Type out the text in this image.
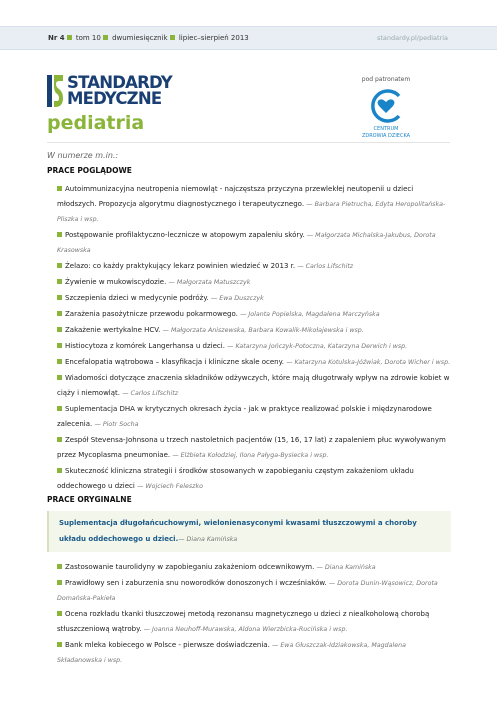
Nr 4 tom 10 dwumiesięcznik lipiec–sierpień 2013	standardy.pl/pediatria
STANDARDY
MEDYCZNE
pediatria
pod patronatem
CENTRUM
ZDROWIA DZIECKA
W numerze m.in.:
PRACE POGLĄDOWE
Autoimmunizacyjna neutropenia niemowląt - najczęstsza przyczyna przewlekłej neutopenii u dzieci młodszych. Propozycja algorytmu diagnostycznego i terapeutycznego. — Barbara Pietrucha, Edyta Heropolitańska-Pliszka i wsp.
Postępowanie profilaktyczno-lecznicze w atopowym zapaleniu skóry. — Małgorzata Michalska-Jakubus, Dorota Krasowska
Żelazo: co każdy praktykujący lekarz powinien wiedzieć w 2013 r. — Carlos Lifschitz
Żywienie w mukowiscydozie. — Małgorzata Matuszczyk
Szczepienia dzieci w medycynie podróży. — Ewa Duszczyk
Zarażenia pasożytnicze przewodu pokarmowego. — Jolanta Popielska, Magdalena Marczyńska
Zakażenie wertykalne HCV. — Małgorzata Aniszewska, Barbara Kowalik-Mikołajewska i wsp.
Histiocytoza z komórek Langerhansa u dzieci. — Katarzyna Jończyk-Potoczna, Katarzyna Derwich i wsp.
Encefalopatia wątrobowa – klasyfikacja i kliniczne skale oceny. — Katarzyna Kotulska-Jóźwiak, Dorota Wicher i wsp.
Wiadomości dotyczące znaczenia składników odżywczych, które mają długotrwały wpływ na zdrowie kobiet w ciąży i niemowląt. — Carlos Lifschitz
Suplementacja DHA w krytycznych okresach życia - jak w praktyce realizować polskie i międzynarodowe zalecenia. — Piotr Socha
Zespół Stevensa-Johnsona u trzech nastoletnich pacjentów (15, 16, 17 lat) z zapaleniem płuc wywoływanym przez Mycoplasma pneumoniae. — Elżbieta Kołodziej, Ilona Pałyga-Bysiecka i wsp.
Skuteczność kliniczna strategii i środków stosowanych w zapobieganiu częstym zakażeniom układu oddechowego u dzieci — Wojciech Feleszko
PRACE ORYGINALNE
Suplementacja długołańcuchowymi, wielonienasyconymi kwasami tłuszczowymi a choroby układu oddechowego u dzieci.— Diana Kamińska
Zastosowanie taurolidyny w zapobieganiu zakażeniom odcewnikowym. — Diana Kamińska
Prawidłowy sen i zaburzenia snu noworodków donoszonych i wcześniaków. — Dorota Dunin-Wąsowicz, Dorota Domańska-Pakieła
Ocena rozkładu tkanki tłuszczowej metodą rezonansu magnetycznego u dzieci z niealkoholową chorobą stłuszczeniową wątroby. — Joanna Neuhoff-Murawska, Aldona Wierzbicka-Rucińska i wsp.
Bank mleka kobiecego w Polsce - pierwsze doświadczenia. — Ewa Głuszczak-Idziakowska, Magdalena Składanowska i wsp.
